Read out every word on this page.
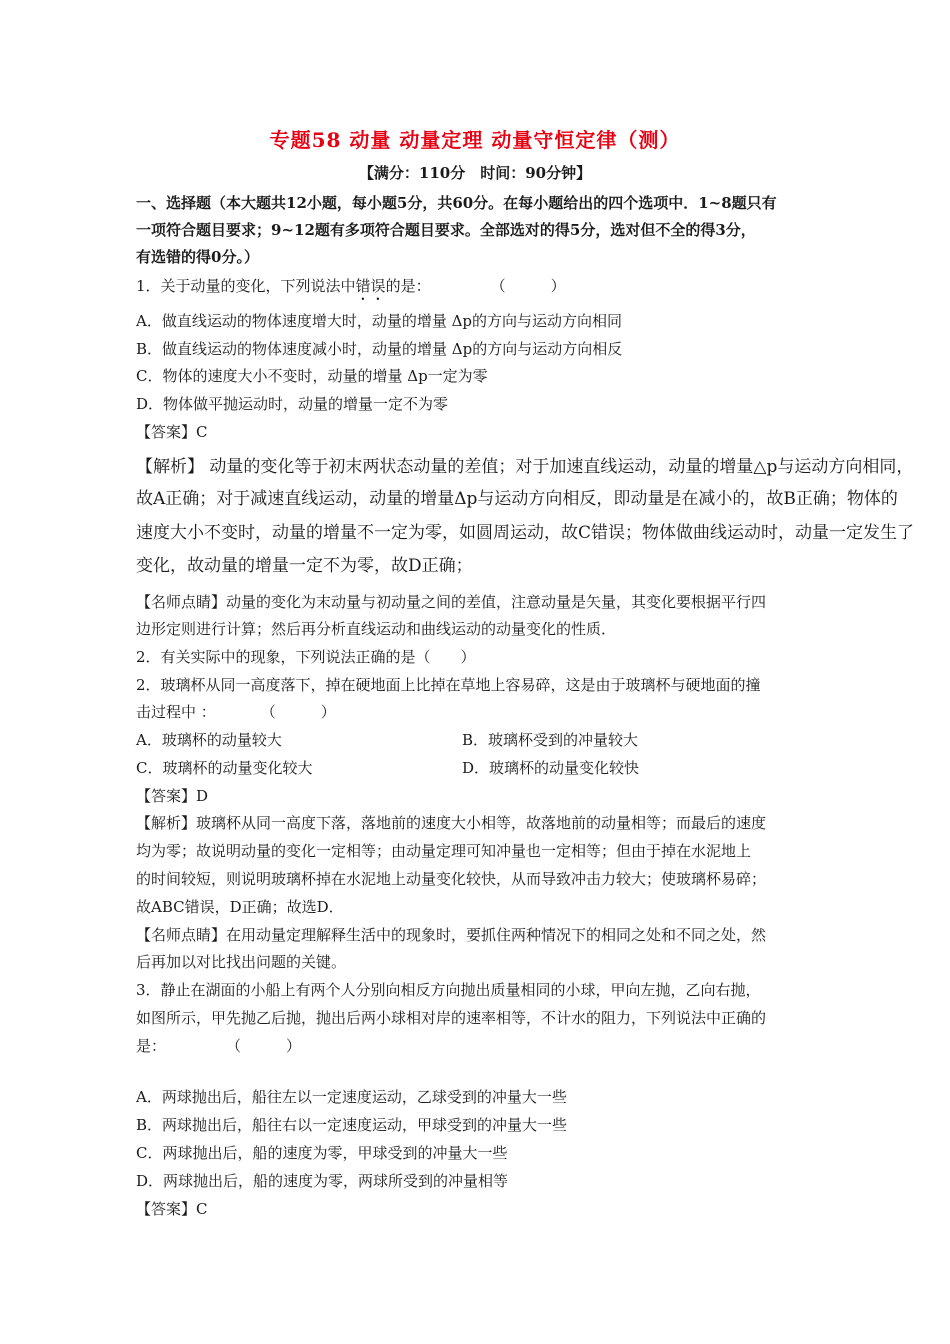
专题58 动量 动量定理 动量守恒定律（测）
【满分：110分　时间：90分钟】
一、选择题（本大题共12小题，每小题5分，共60分。在每小题给出的四个选项中．1~8题只有
一项符合题目要求；9~12题有多项符合题目要求。全部选对的得5分，选对但不全的得3分，
有选错的得0分。）
1．关于动量的变化，下列说法中错误的是：　　　　　（　　　）
A．做直线运动的物体速度增大时，动量的增量 Δp的方向与运动方向相同
B．做直线运动的物体速度减小时，动量的增量 Δp的方向与运动方向相反
C．物体的速度大小不变时，动量的增量 Δp一定为零
D．物体做平抛运动时，动量的增量一定不为零
【答案】C
【解析】 动量的变化等于初末两状态动量的差值；对于加速直线运动，动量的增量△p与运动方向相同，
故A正确；对于减速直线运动，动量的增量Δp与运动方向相反，即动量是在减小的，故B正确；物体的
速度大小不变时，动量的增量不一定为零，如圆周运动，故C错误；物体做曲线运动时，动量一定发生了
变化，故动量的增量一定不为零，故D正确；
【名师点睛】动量的变化为末动量与初动量之间的差值，注意动量是矢量，其变化要根据平行四
边形定则进行计算；然后再分析直线运动和曲线运动的动量变化的性质．
2．有关实际中的现象，下列说法正确的是（　　）
2．玻璃杯从同一高度落下，掉在硬地面上比掉在草地上容易碎，这是由于玻璃杯与硬地面的撞
击过程中 ：　　　　（　　　）
A．玻璃杯的动量较大	B．玻璃杯受到的冲量较大
C．玻璃杯的动量变化较大	D．玻璃杯的动量变化较快
【答案】D
【解析】玻璃杯从同一高度下落，落地前的速度大小相等，故落地前的动量相等；而最后的速度
均为零；故说明动量的变化一定相等；由动量定理可知冲量也一定相等；但由于掉在水泥地上
的时间较短，则说明玻璃杯掉在水泥地上动量变化较快，从而导致冲击力较大；使玻璃杯易碎；
故ABC错误，D正确；故选D．
【名师点睛】在用动量定理解释生活中的现象时，要抓住两种情况下的相同之处和不同之处，然
后再加以对比找出问题的关键。
3．静止在湖面的小船上有两个人分别向相反方向抛出质量相同的小球，甲向左抛，乙向右抛，
如图所示，甲先抛乙后抛，抛出后两小球相对岸的速率相等，不计水的阻力，下列说法中正确的
是：　　　　　（　　　）
A．两球抛出后，船往左以一定速度运动，乙球受到的冲量大一些
B．两球抛出后，船往右以一定速度运动，甲球受到的冲量大一些
C．两球抛出后，船的速度为零，甲球受到的冲量大一些
D．两球抛出后，船的速度为零，两球所受到的冲量相等
【答案】C
